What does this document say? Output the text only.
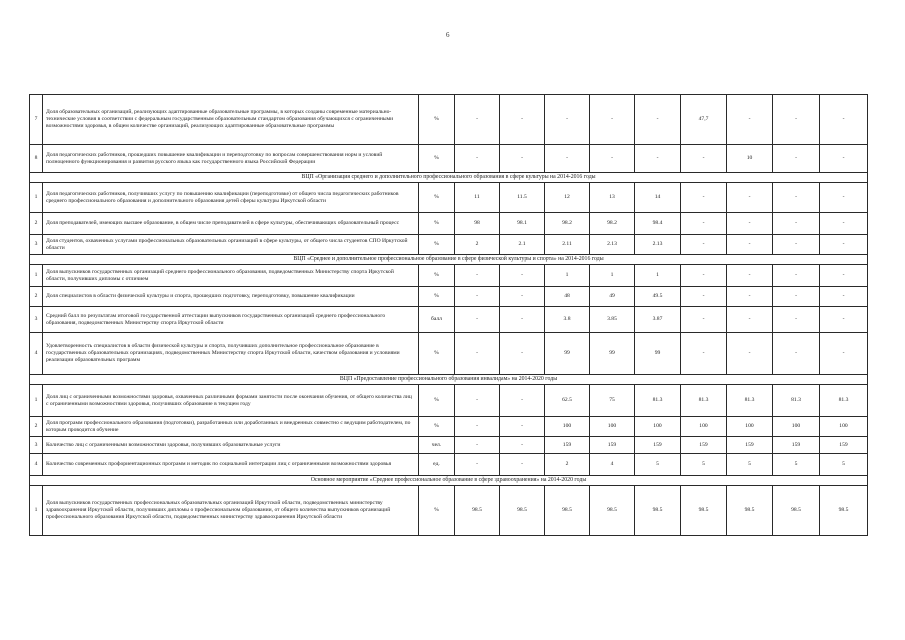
6
7	Доля образовательных организаций, реализующих адаптированные образовательные программы, в которых созданы современные материально-технические условия в соответствии с федеральным государственным образовательным стандартом образования обучающихся с ограниченными возможностями здоровья, в общем количестве организаций, реализующих адаптированные образовательные программы	%	-	-	-	-	-	47,7	-	-	-
8	Доля педагогических работников, прошедших повышение квалификации и переподготовку по вопросам совершенствования норм и условий полноценного функционирования и развития русского языка как государственного языка Российской Федерации	%	-	-	-	-	-	-	10	-	-
ВЦП «Организация среднего и дополнительного профессионального образования в сфере культуры на 2014-2016 годы											
1	Доля педагогических работников, получивших услугу по повышению квалификации (переподготовке) от общего числа педагогических работников среднего профессионального образования и дополнительного образования детей сферы культуры Иркутской области	%	11	11.5	12	13	14	-	-	-	-
2	Доля преподавателей, имеющих высшее образование, в общем числе преподавателей в сфере культуры, обеспечивающих образовательный процесс	%	98	98.1	98.2	98.2	98.4	-	-	-	-
3	Доля студентов, охваченных услугами профессиональных образовательных организаций в сфере культуры, от общего числа студентов СПО Иркутской области	%	2	2.1	2.11	2.13	2.13	-	-	-	-
ВЦП «Среднее и дополнительное профессиональное образование в сфере физической культуры и спорта» на 2014-2016 годы											
1	Доля выпускников государственных организаций среднего профессионального образования, подведомственных Министерству спорта Иркутской области, получивших дипломы с отличием	%	-	-	1	1	1	-	-	-	-
2	Доля специалистов в области физической культуры и спорта, прошедших подготовку, переподготовку, повышение квалификации	%	-	-	48	49	49.5	-	-	-	-
3	Средний балл по результатам итоговой государственной аттестации выпускников государственных организаций среднего профессионального образования, подведомственных Министерству спорта Иркутской области	балл	-	-	3.8	3.85	3.87	-	-	-	-
4	Удовлетворенность специалистов в области физической культуры и спорта, получивших дополнительное профессиональное образование в государственных образовательных организациях, подведомственных Министерству спорта Иркутской области, качеством образования и условиями реализации образовательных программ	%	-	-	99	99	99	-	-	-	-
ВЦП «Предоставление профессионального образования инвалидам» на 2014-2020 годы											
1	Доля лиц с ограниченными возможностями здоровья, охваченных различными формами занятости после окончания обучения, от общего количества лиц с ограниченными возможностями здоровья, получивших образование в текущем году	%	-	-	62.5	75	81.3	81.3	81.3	81.3	81.3
2	Доля программ профессионального образования (подготовки), разработанных или доработанных и внедренных совместно с ведущим работодателем, по которым проводится обучение	%	-	-	100	100	100	100	100	100	100
3	Количество лиц с ограниченными возможностями здоровья, получивших образовательные услуги	чел.	-	-	159	159	159	159	159	159	159
4	Количество современных профориентационных программ и методик по социальной интеграции лиц с ограниченными возможностями здоровья	ед.	-	-	2	4	5	5	5	5	5
Основное мероприятие «Среднее профессиональное образование в сфере здравоохранения» на 2014-2020 годы											
1	Доля выпускников государственных профессиональных образовательных организаций Иркутской области, подведомственных министерству здравоохранения Иркутской области, получивших дипломы о профессиональном образовании, от общего количества выпускников организаций профессионального образования Иркутской области, подведомственных министерству здравоохранения Иркутской области	%	98.5	98.5	98.5	98.5	98.5	98.5	98.5	98.5	98.5
